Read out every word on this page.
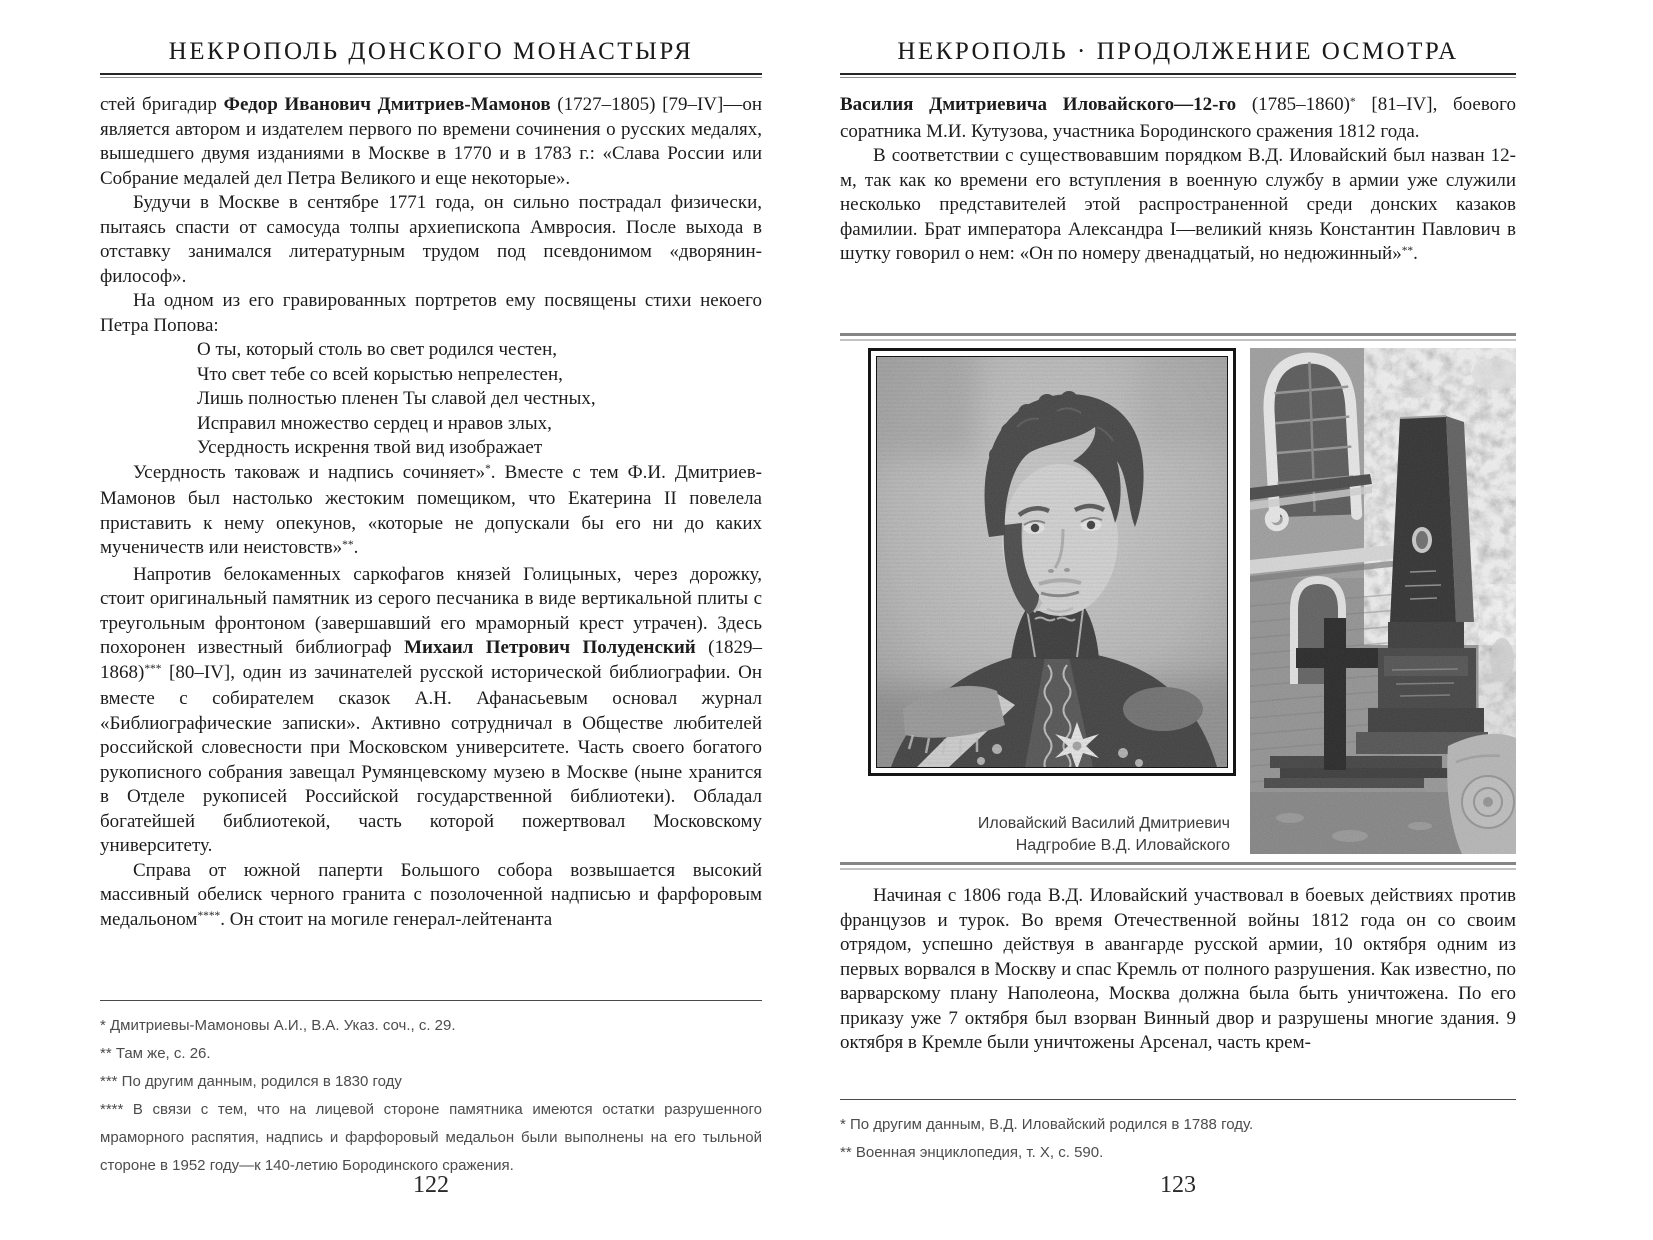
НЕКРОПОЛЬ ДОНСКОГО МОНАСТЫРЯ

стей бригадир Федор Иванович Дмитриев-Мамонов (1727–1805) [79–IV]—он является автором и издателем первого по времени сочинения о русских медалях, вышедшего двумя изданиями в Москве в 1770 и в 1783 г.: «Слава России или Собрание медалей дел Петра Великого и еще некоторые».

Будучи в Москве в сентябре 1771 года, он сильно пострадал физически, пытаясь спасти от самосуда толпы архиепископа Амвросия. После выхода в отставку занимался литературным трудом под псевдонимом «дворянин-философ».

На одном из его гравированных портретов ему посвящены стихи некоего Петра Попова:

О ты, который столь во свет родился честен,
Что свет тебе со всей корыстью непрелестен,
Лишь полностью пленен Ты славой дел честных,
Исправил множество сердец и нравов злых,
Усердность искрення твой вид изображает

Усердность таковаж и надпись сочиняет»*. Вместе с тем Ф.И. Дмитриев-Мамонов был настолько жестоким помещиком, что Екатерина II повелела приставить к нему опекунов, «которые не допускали бы его ни до каких мученичеств или неистовств»**.

Напротив белокаменных саркофагов князей Голицыных, через дорожку, стоит оригинальный памятник из серого песчаника в виде вертикальной плиты с треугольным фронтоном (завершавший его мраморный крест утрачен). Здесь похоронен известный библиограф Михаил Петрович Полуденский (1829–1868)*** [80–IV], один из зачинателей русской исторической библиографии. Он вместе с собирателем сказок А.Н. Афанасьевым основал журнал «Библиографические записки». Активно сотрудничал в Обществе любителей российской словесности при Московском университете. Часть своего богатого рукописного собрания завещал Румянцевскому музею в Москве (ныне хранится в Отделе рукописей Российской государственной библиотеки). Обладал богатейшей библиотекой, часть которой пожертвовал Московскому университету.

Справа от южной паперти Большого собора возвышается высокий массивный обелиск черного гранита с позолоченной надписью и фарфоровым медальоном****. Он стоит на могиле генерал-лейтенанта

* Дмитриевы-Мамоновы А.И., В.А. Указ. соч., с. 29.
** Там же, с. 26.
*** По другим данным, родился в 1830 году
**** В связи с тем, что на лицевой стороне памятника имеются остатки разрушенного мраморного распятия, надпись и фарфоровый медальон были выполнены на его тыльной стороне в 1952 году—к 140-летию Бородинского сражения.
122
НЕКРОПОЛЬ · ПРОДОЛЖЕНИЕ ОСМОТРА

Василия Дмитриевича Иловайского—12-го (1785–1860)* [81–IV], боевого соратника М.И. Кутузова, участника Бородинского сражения 1812 года.

В соответствии с существовавшим порядком В.Д. Иловайский был назван 12-м, так как ко времени его вступления в военную службу в армии уже служили несколько представителей этой распространенной среди донских казаков фамилии. Брат императора Александра I—великий князь Константин Павлович в шутку говорил о нем: «Он по номеру двенадцатый, но недюжинный»**.

Иловайский Василий Дмитриевич
Надгробие В.Д. Иловайского

Начиная с 1806 года В.Д. Иловайский участвовал в боевых действиях против французов и турок. Во время Отечественной войны 1812 года он со своим отрядом, успешно действуя в авангарде русской армии, 10 октября одним из первых ворвался в Москву и спас Кремль от полного разрушения. Как известно, по варварскому плану Наполеона, Москва должна была быть уничтожена. По его приказу уже 7 октября был взорван Винный двор и разрушены многие здания. 9 октября в Кремле были уничтожены Арсенал, часть крем-

* По другим данным, В.Д. Иловайский родился в 1788 году.
** Военная энциклопедия, т. X, с. 590.
123
